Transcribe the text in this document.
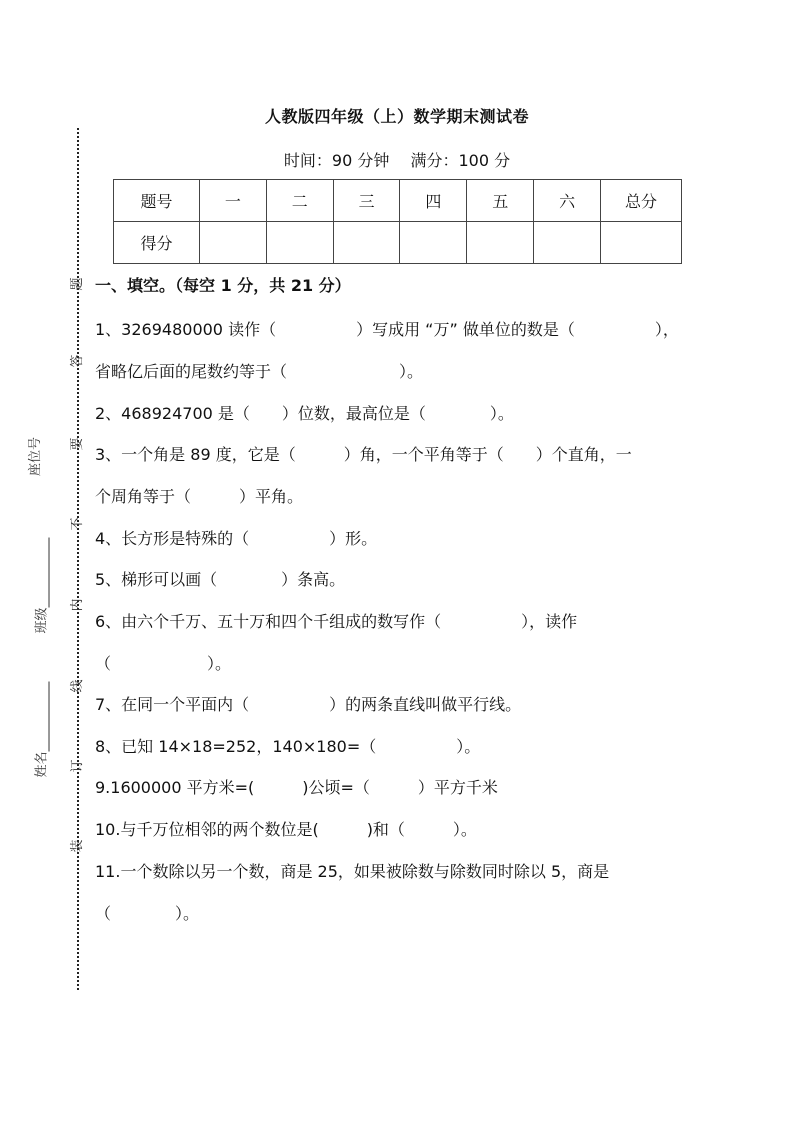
人教版四年级（上）数学期末测试卷
时间：90 分钟 满分：100 分
题号	一	二	三	四	五	六	总分
得分							
题
答
要
不
内
线
订
装
座位号
班级
姓名
一、填空。（每空 1 分，共 21 分）
1、3269480000 读作（　　　　　）写成用 “万” 做单位的数是（　　　　　），
省略亿后面的尾数约等于（　　　　　　　）。
2、468924700 是（　　）位数，最高位是（　　　　）。
3、一个角是 89 度，它是（　　　）角，一个平角等于（　　）个直角，一
个周角等于（　　　）平角。
4、长方形是特殊的（　　　　　）形。
5、梯形可以画（　　　　）条高。
6、由六个千万、五十万和四个千组成的数写作（　　　　　），读作
（　　　　　　）。
7、在同一个平面内（　　　　　）的两条直线叫做平行线。
8、已知 14×18=252，140×180=（　　　　　）。
9.1600000 平方米=(　　　)公顷=（　　　）平方千米
10.与千万位相邻的两个数位是(　　　)和（　　　）。
11.一个数除以另一个数，商是 25，如果被除数与除数同时除以 5，商是
（　　　　）。
